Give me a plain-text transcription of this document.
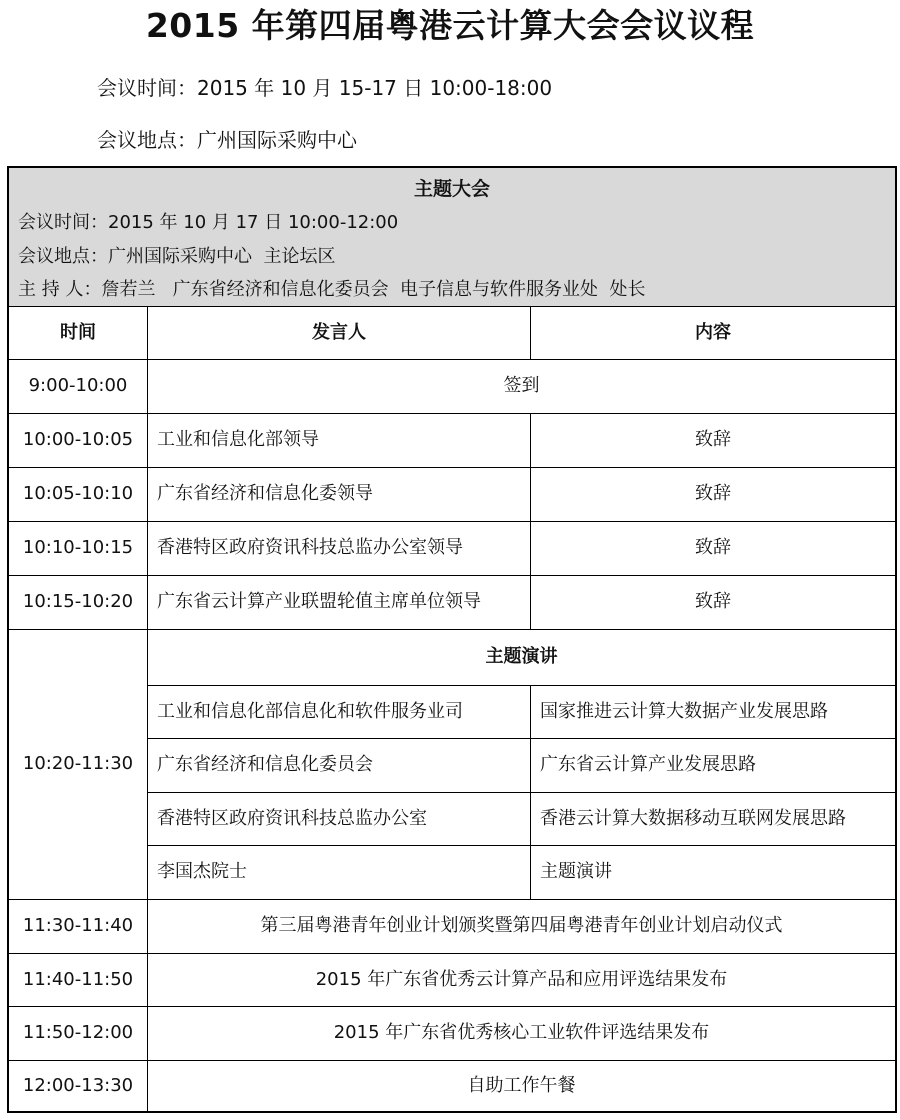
2015 年第四届粤港云计算大会会议议程
会议时间：2015 年 10 月 15-17 日 10:00-18:00
会议地点：广州国际采购中心
主题大会
会议时间：2015 年 10 月 17 日 10:00-12:00
会议地点：广州国际采购中心  主论坛区
主 持 人：詹若兰   广东省经济和信息化委员会  电子信息与软件服务业处  处长
时间	发言人	内容
9:00-10:00	签到
10:00-10:05	工业和信息化部领导	致辞
10:05-10:10	广东省经济和信息化委领导	致辞
10:10-10:15	香港特区政府资讯科技总监办公室领导	致辞
10:15-10:20	广东省云计算产业联盟轮值主席单位领导	致辞
10:20-11:30
主题演讲
工业和信息化部信息化和软件服务业司	国家推进云计算大数据产业发展思路
广东省经济和信息化委员会	广东省云计算产业发展思路
香港特区政府资讯科技总监办公室	香港云计算大数据移动互联网发展思路
李国杰院士	主题演讲
11:30-11:40	第三届粤港青年创业计划颁奖暨第四届粤港青年创业计划启动仪式
11:40-11:50	2015 年广东省优秀云计算产品和应用评选结果发布
11:50-12:00	2015 年广东省优秀核心工业软件评选结果发布
12:00-13:30	自助工作午餐
